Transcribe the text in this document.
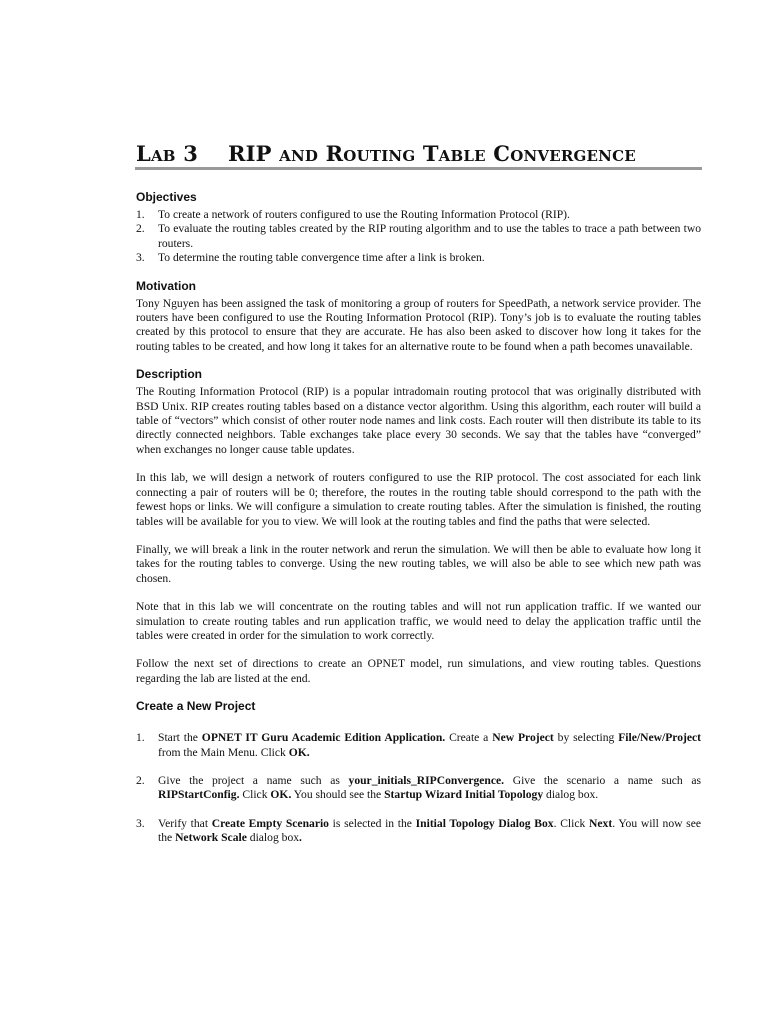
Lab 3 RIP and Routing Table Convergence
Objectives
1. To create a network of routers configured to use the Routing Information Protocol (RIP).
2. To evaluate the routing tables created by the RIP routing algorithm and to use the tables to trace a path between two routers.
3. To determine the routing table convergence time after a link is broken.
Motivation

Tony Nguyen has been assigned the task of monitoring a group of routers for SpeedPath, a network service provider. The routers have been configured to use the Routing Information Protocol (RIP). Tony’s job is to evaluate the routing tables created by this protocol to ensure that they are accurate. He has also been asked to discover how long it takes for the routing tables to be created, and how long it takes for an alternative route to be found when a path becomes unavailable.

Description

The Routing Information Protocol (RIP) is a popular intradomain routing protocol that was originally distributed with BSD Unix. RIP creates routing tables based on a distance vector algorithm. Using this algorithm, each router will build a table of “vectors” which consist of other router node names and link costs. Each router will then distribute its table to its directly connected neighbors. Table exchanges take place every 30 seconds. We say that the tables have “converged” when exchanges no longer cause table updates.

In this lab, we will design a network of routers configured to use the RIP protocol. The cost associated for each link connecting a pair of routers will be 0; therefore, the routes in the routing table should correspond to the path with the fewest hops or links. We will configure a simulation to create routing tables. After the simulation is finished, the routing tables will be available for you to view. We will look at the routing tables and find the paths that were selected.

Finally, we will break a link in the router network and rerun the simulation. We will then be able to evaluate how long it takes for the routing tables to converge. Using the new routing tables, we will also be able to see which new path was chosen.

Note that in this lab we will concentrate on the routing tables and will not run application traffic. If we wanted our simulation to create routing tables and run application traffic, we would need to delay the application traffic until the tables were created in order for the simulation to work correctly.

Follow the next set of directions to create an OPNET model, run simulations, and view routing tables. Questions regarding the lab are listed at the end.

Create a New Project
1. Start the OPNET IT Guru Academic Edition Application. Create a New Project by selecting File/New/Project from the Main Menu. Click OK.
2. Give the project a name such as your_initials_RIPConvergence. Give the scenario a name such as RIPStartConfig. Click OK. You should see the Startup Wizard Initial Topology dialog box.
3. Verify that Create Empty Scenario is selected in the Initial Topology Dialog Box. Click Next. You will now see the Network Scale dialog box.
